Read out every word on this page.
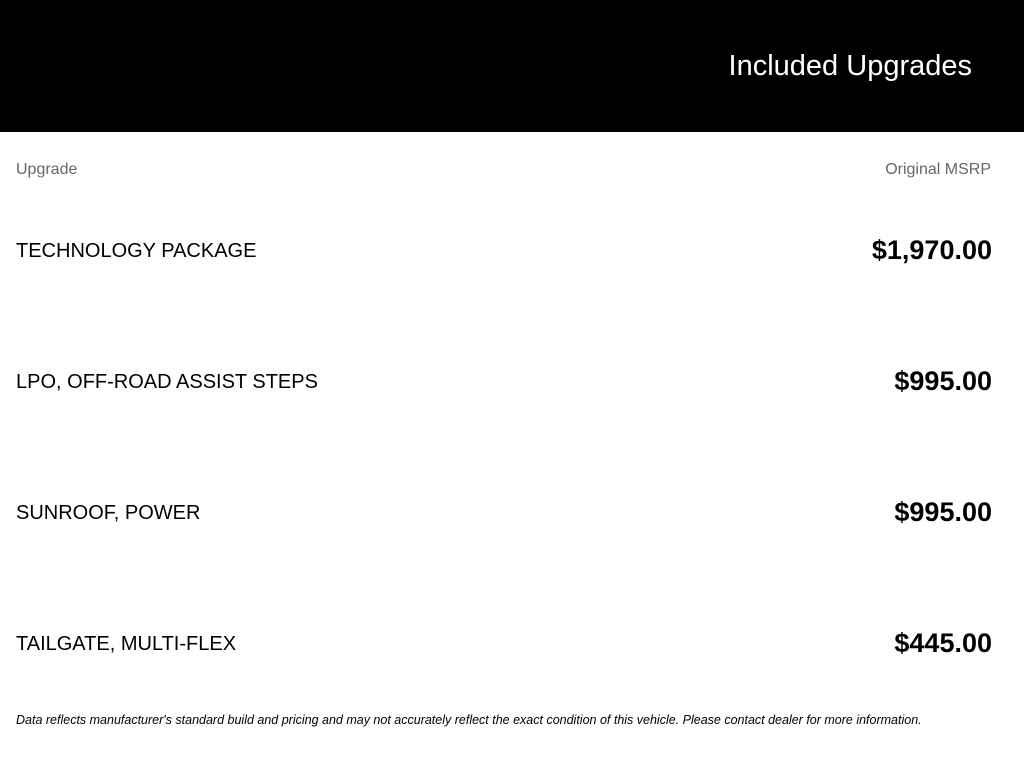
Included Upgrades
Upgrade	Original MSRP
TECHNOLOGY PACKAGE	$1,970.00
LPO, OFF-ROAD ASSIST STEPS	$995.00
SUNROOF, POWER	$995.00
TAILGATE, MULTI-FLEX	$445.00
Data reflects manufacturer's standard build and pricing and may not accurately reflect the exact condition of this vehicle. Please contact dealer for more information.
